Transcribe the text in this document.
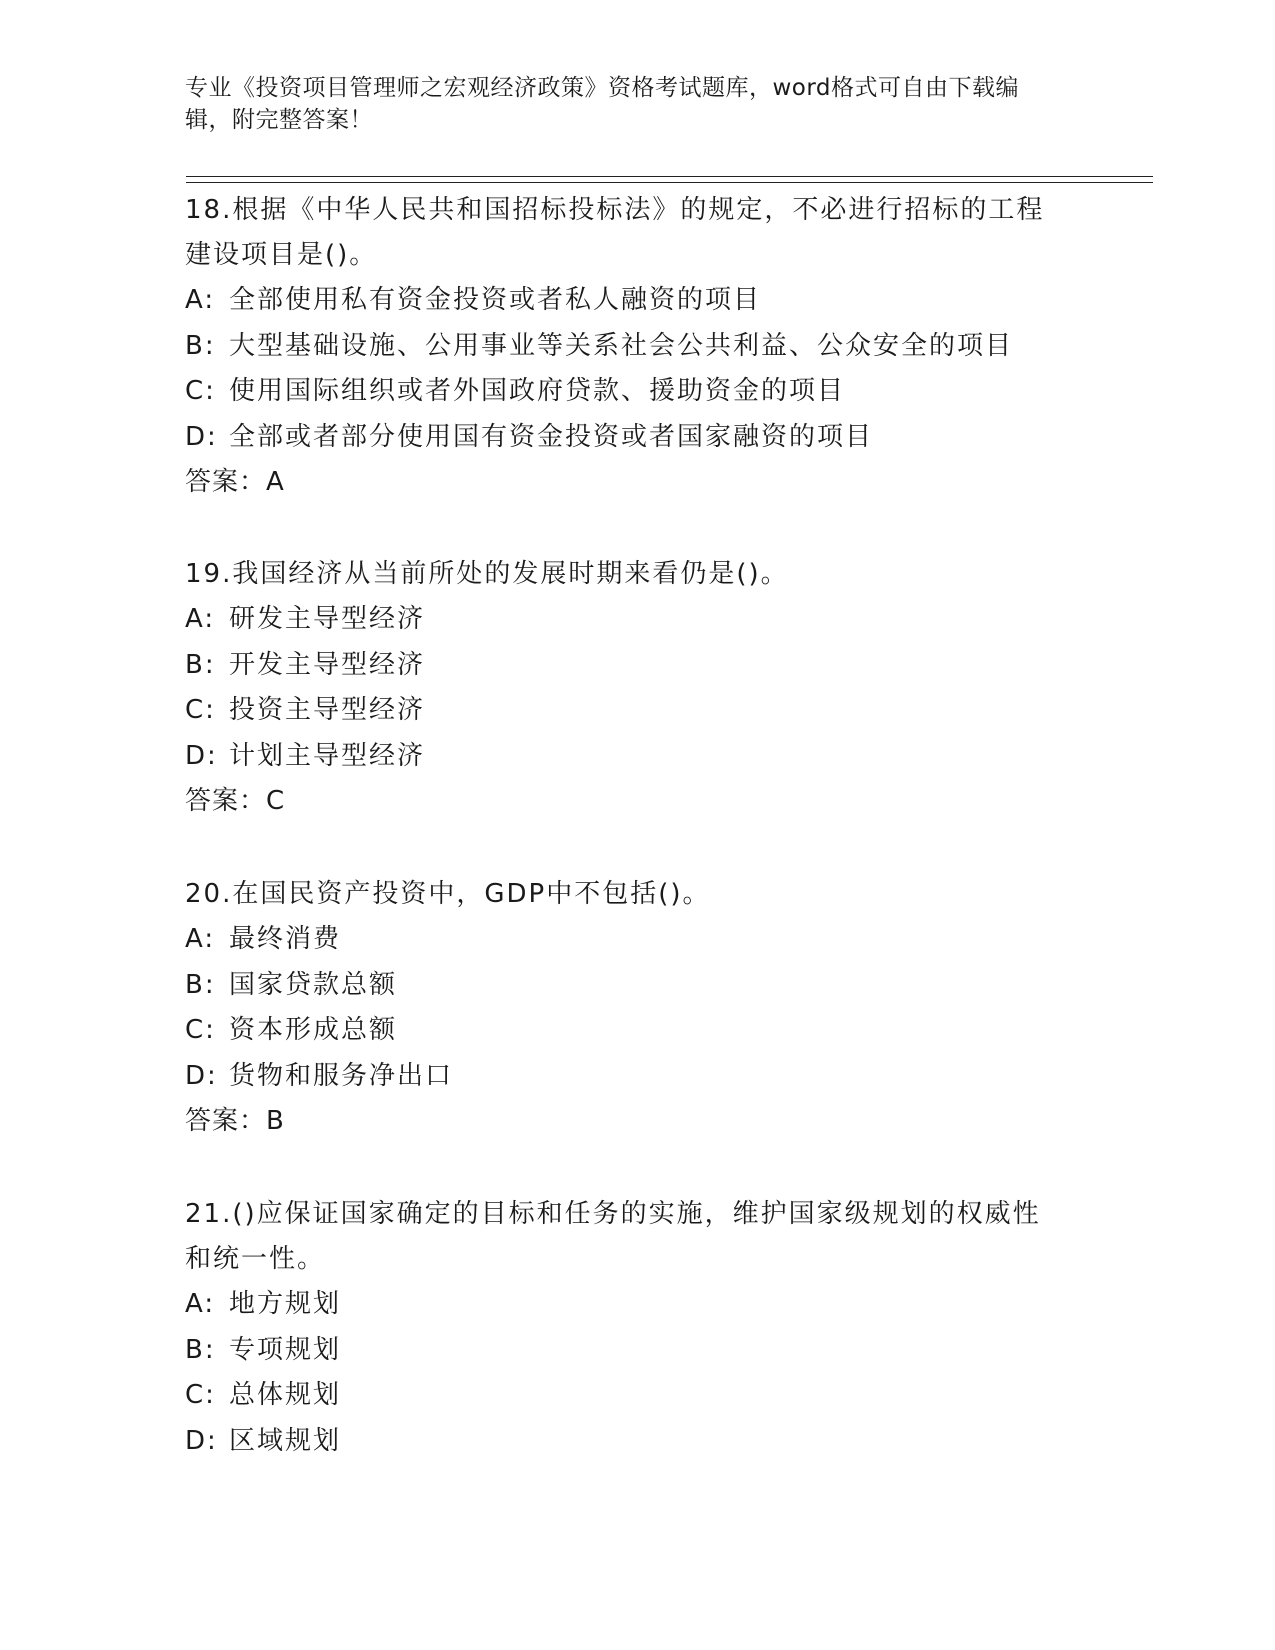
专业《投资项目管理师之宏观经济政策》资格考试题库，word格式可自由下载编
辑，附完整答案！

18.根据《中华人民共和国招标投标法》的规定，不必进行招标的工程

建设项目是()。

A: 全部使用私有资金投资或者私人融资的项目

B: 大型基础设施、公用事业等关系社会公共利益、公众安全的项目

C: 使用国际组织或者外国政府贷款、援助资金的项目

D: 全部或者部分使用国有资金投资或者国家融资的项目

答案：A

19.我国经济从当前所处的发展时期来看仍是()。

A: 研发主导型经济

B: 开发主导型经济

C: 投资主导型经济

D: 计划主导型经济

答案：C

20.在国民资产投资中，GDP中不包括()。

A: 最终消费

B: 国家贷款总额

C: 资本形成总额

D: 货物和服务净出口

答案：B

21.()应保证国家确定的目标和任务的实施，维护国家级规划的权威性

和统一性。

A: 地方规划

B: 专项规划

C: 总体规划

D: 区域规划
